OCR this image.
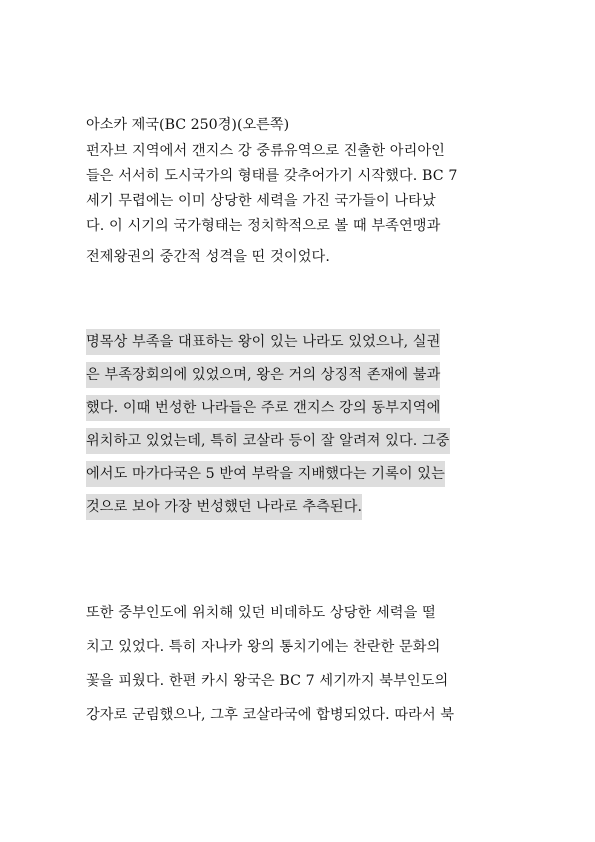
아소카 제국(BC 250경)(오른쪽)
펀자브 지역에서 갠지스 강 중류유역으로 진출한 아리아인
들은 서서히 도시국가의 형태를 갖추어가기 시작했다. BC 7
세기 무렵에는 이미 상당한 세력을 가진 국가들이 나타났
다. 이 시기의 국가형태는 정치학적으로 볼 때 부족연맹과
전제왕권의 중간적 성격을 띤 것이었다.
명목상 부족을 대표하는 왕이 있는 나라도 있었으나, 실권
은 부족장회의에 있었으며, 왕은 거의 상징적 존재에 불과
했다. 이때 번성한 나라들은 주로 갠지스 강의 동부지역에
위치하고 있었는데, 특히 코살라 등이 잘 알려져 있다. 그중
에서도 마가다국은 5 반여 부락을 지배했다는 기록이 있는
것으로 보아 가장 번성했던 나라로 추측된다.
또한 중부인도에 위치해 있던 비데하도 상당한 세력을 떨
치고 있었다. 특히 자나카 왕의 통치기에는 찬란한 문화의
꽃을 피웠다. 한편 카시 왕국은 BC 7 세기까지 북부인도의
강자로 군림했으나, 그후 코살라국에 합병되었다. 따라서 북
